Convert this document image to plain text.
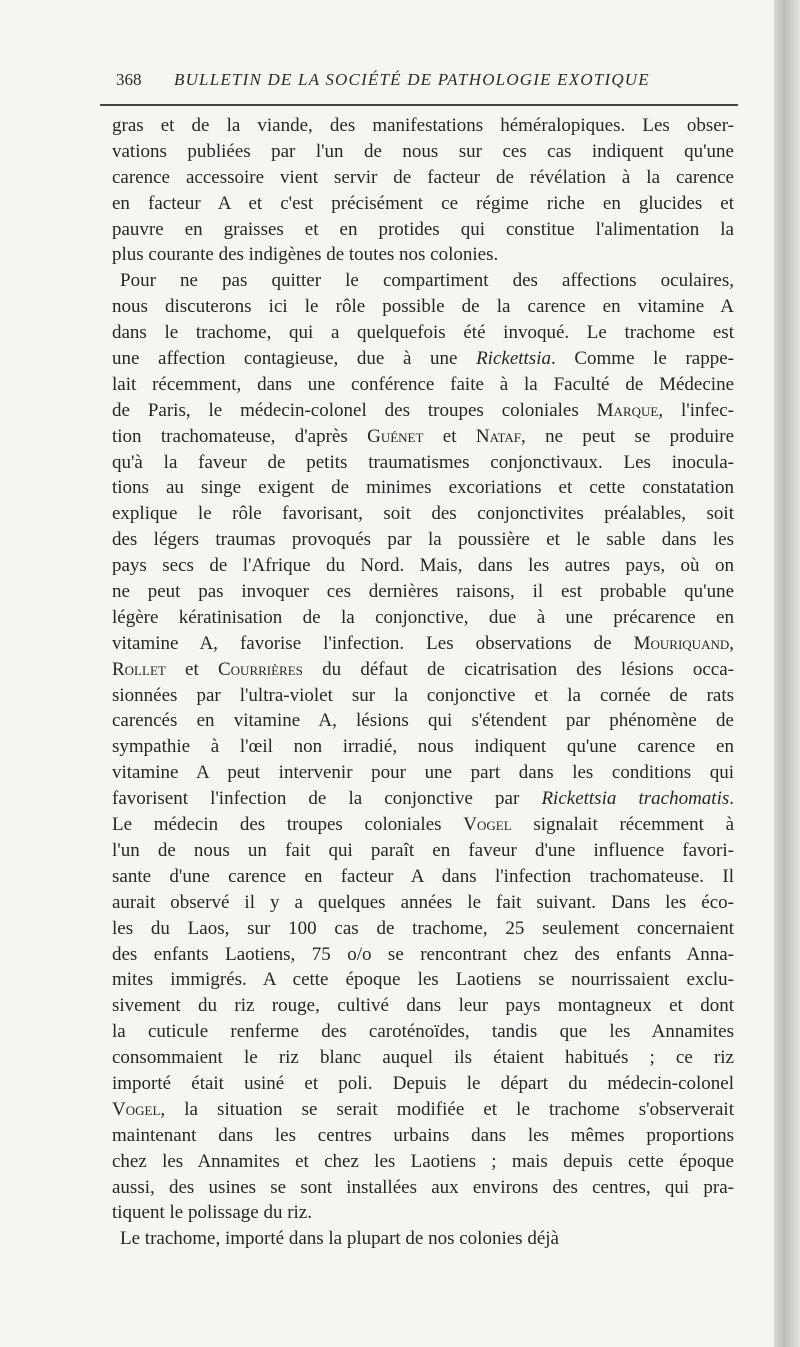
368 BULLETIN DE LA SOCIÉTÉ DE PATHOLOGIE EXOTIQUE
gras et de la viande, des manifestations héméralopiques. Les obser-
vations publiées par l'un de nous sur ces cas indiquent qu'une
carence accessoire vient servir de facteur de révélation à la carence
en facteur A et c'est précisément ce régime riche en glucides et
pauvre en graisses et en protides qui constitue l'alimentation la
plus courante des indigènes de toutes nos colonies.
Pour ne pas quitter le compartiment des affections oculaires,
nous discuterons ici le rôle possible de la carence en vitamine A
dans le trachome, qui a quelquefois été invoqué. Le trachome est
une affection contagieuse, due à une Rickettsia. Comme le rappe-
lait récemment, dans une conférence faite à la Faculté de Médecine
de Paris, le médecin-colonel des troupes coloniales Marque, l'infec-
tion trachomateuse, d'après Guénet et Nataf, ne peut se produire
qu'à la faveur de petits traumatismes conjonctivaux. Les inocula-
tions au singe exigent de minimes excoriations et cette constatation
explique le rôle favorisant, soit des conjonctivites préalables, soit
des légers traumas provoqués par la poussière et le sable dans les
pays secs de l'Afrique du Nord. Mais, dans les autres pays, où on
ne peut pas invoquer ces dernières raisons, il est probable qu'une
légère kératinisation de la conjonctive, due à une précarence en
vitamine A, favorise l'infection. Les observations de Mouriquand,
Rollet et Courrières du défaut de cicatrisation des lésions occa-
sionnées par l'ultra-violet sur la conjonctive et la cornée de rats
carencés en vitamine A, lésions qui s'étendent par phénomène de
sympathie à l'œil non irradié, nous indiquent qu'une carence en
vitamine A peut intervenir pour une part dans les conditions qui
favorisent l'infection de la conjonctive par Rickettsia trachomatis.
Le médecin des troupes coloniales Vogel signalait récemment à
l'un de nous un fait qui paraît en faveur d'une influence favori-
sante d'une carence en facteur A dans l'infection trachomateuse. Il
aurait observé il y a quelques années le fait suivant. Dans les éco-
les du Laos, sur 100 cas de trachome, 25 seulement concernaient
des enfants Laotiens, 75 o/o se rencontrant chez des enfants Anna-
mites immigrés. A cette époque les Laotiens se nourrissaient exclu-
sivement du riz rouge, cultivé dans leur pays montagneux et dont
la cuticule renferme des caroténoïdes, tandis que les Annamites
consommaient le riz blanc auquel ils étaient habitués ; ce riz
importé était usiné et poli. Depuis le départ du médecin-colonel
Vogel, la situation se serait modifiée et le trachome s'observerait
maintenant dans les centres urbains dans les mêmes proportions
chez les Annamites et chez les Laotiens ; mais depuis cette époque
aussi, des usines se sont installées aux environs des centres, qui pra-
tiquent le polissage du riz.
Le trachome, importé dans la plupart de nos colonies déjà
